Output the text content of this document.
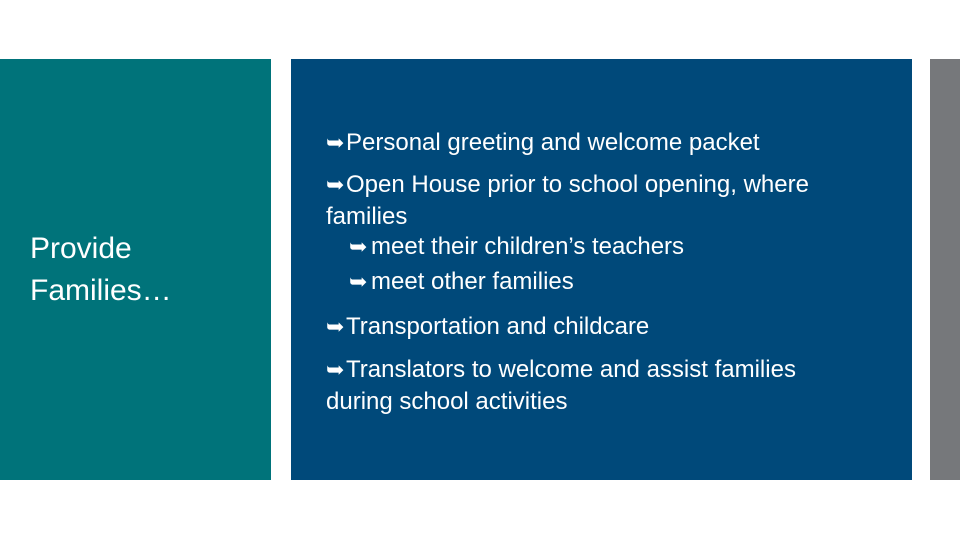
Provide
Families…
➥Personal greeting and welcome packet
➥Open House prior to school opening, where
families
➥ meet their children’s teachers
➥ meet other families
➥Transportation and childcare
➥Translators to welcome and assist families
during school activities
